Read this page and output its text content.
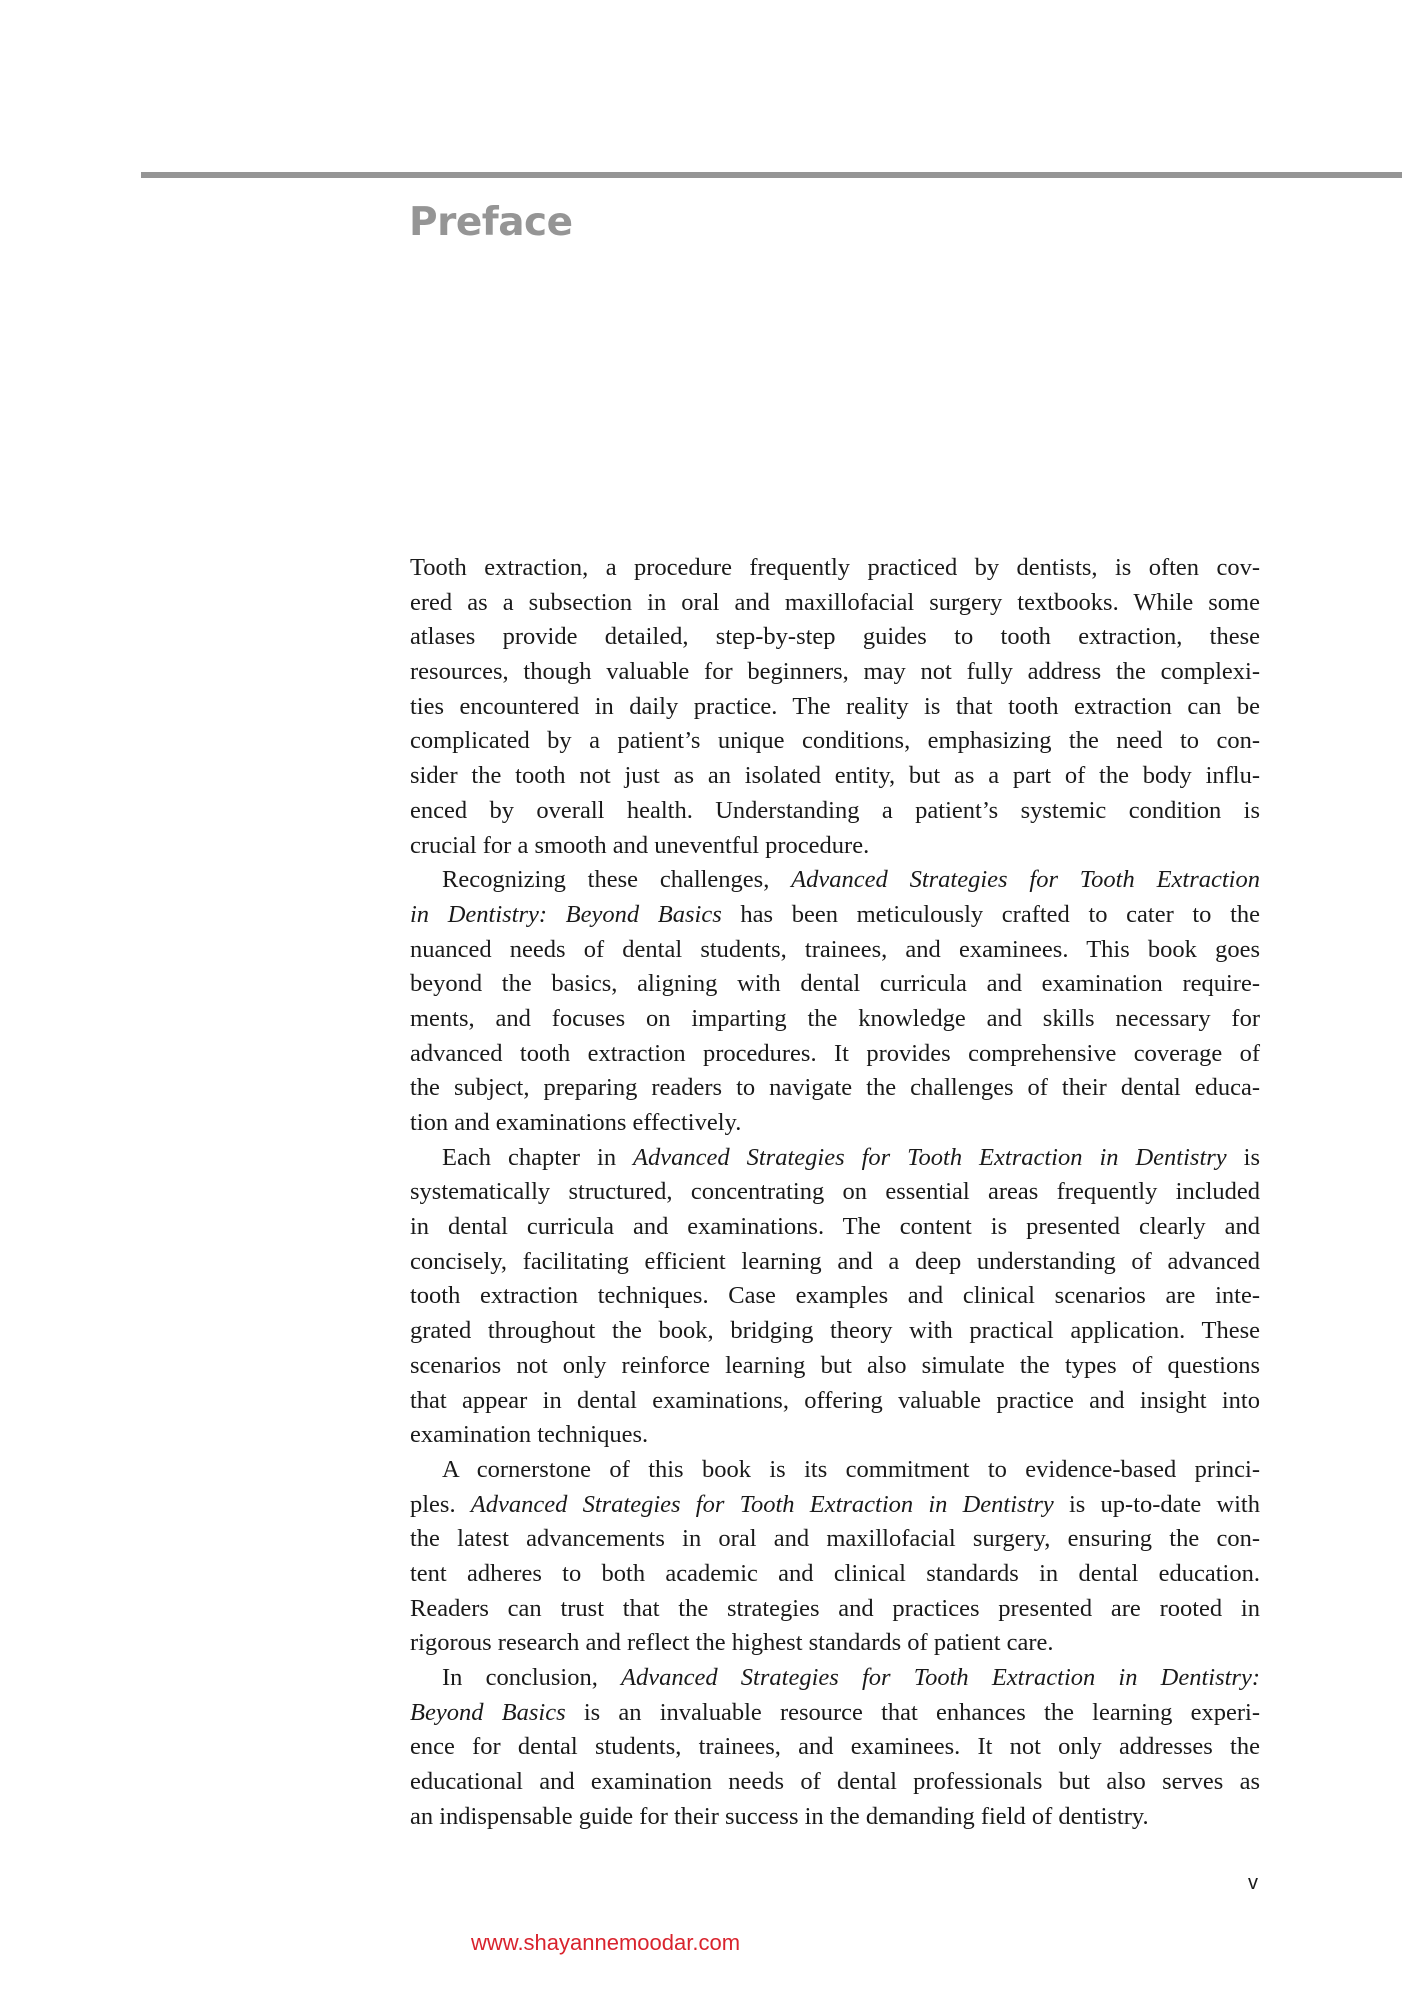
Preface
Tooth extraction, a procedure frequently practiced by dentists, is often cov-
ered as a subsection in oral and maxillofacial surgery textbooks. While some
atlases provide detailed, step-by-step guides to tooth extraction, these
resources, though valuable for beginners, may not fully address the complexi-
ties encountered in daily practice. The reality is that tooth extraction can be
complicated by a patient’s unique conditions, emphasizing the need to con-
sider the tooth not just as an isolated entity, but as a part of the body influ-
enced by overall health. Understanding a patient’s systemic condition is
crucial for a smooth and uneventful procedure.
Recognizing these challenges, Advanced Strategies for Tooth Extraction
in Dentistry: Beyond Basics has been meticulously crafted to cater to the
nuanced needs of dental students, trainees, and examinees. This book goes
beyond the basics, aligning with dental curricula and examination require-
ments, and focuses on imparting the knowledge and skills necessary for
advanced tooth extraction procedures. It provides comprehensive coverage of
the subject, preparing readers to navigate the challenges of their dental educa-
tion and examinations effectively.
Each chapter in Advanced Strategies for Tooth Extraction in Dentistry is
systematically structured, concentrating on essential areas frequently included
in dental curricula and examinations. The content is presented clearly and
concisely, facilitating efficient learning and a deep understanding of advanced
tooth extraction techniques. Case examples and clinical scenarios are inte-
grated throughout the book, bridging theory with practical application. These
scenarios not only reinforce learning but also simulate the types of questions
that appear in dental examinations, offering valuable practice and insight into
examination techniques.
A cornerstone of this book is its commitment to evidence-based princi-
ples. Advanced Strategies for Tooth Extraction in Dentistry is up-to-date with
the latest advancements in oral and maxillofacial surgery, ensuring the con-
tent adheres to both academic and clinical standards in dental education.
Readers can trust that the strategies and practices presented are rooted in
rigorous research and reflect the highest standards of patient care.
In conclusion, Advanced Strategies for Tooth Extraction in Dentistry:
Beyond Basics is an invaluable resource that enhances the learning experi-
ence for dental students, trainees, and examinees. It not only addresses the
educational and examination needs of dental professionals but also serves as
an indispensable guide for their success in the demanding field of dentistry.
v
www.shayannemoodar.com
